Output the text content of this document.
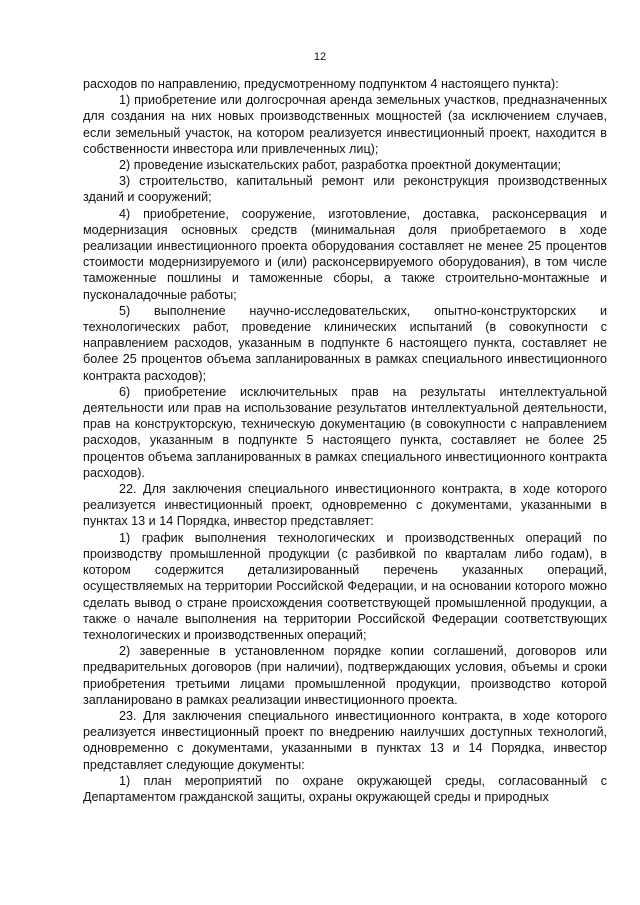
12

расходов по направлению, предусмотренному подпунктом 4 настоящего пункта):

1) приобретение или долгосрочная аренда земельных участков, предназначенных для создания на них новых производственных мощностей (за исключением случаев, если земельный участок, на котором реализуется инвестиционный проект, находится в собственности инвестора или привлеченных лиц);

2) проведение изыскательских работ, разработка проектной документации;

3) строительство, капитальный ремонт или реконструкция производственных зданий и сооружений;

4) приобретение, сооружение, изготовление, доставка, расконсервация и модернизация основных средств (минимальная доля приобретаемого в ходе реализации инвестиционного проекта оборудования составляет не менее 25 процентов стоимости модернизируемого и (или) расконсервируемого оборудования), в том числе таможенные пошлины и таможенные сборы, а также строительно-монтажные и пусконаладочные работы;

5) выполнение научно-исследовательских, опытно-конструкторских и технологических работ, проведение клинических испытаний (в совокупности с направлением расходов, указанным в подпункте 6 настоящего пункта, составляет не более 25 процентов объема запланированных в рамках специального инвестиционного контракта расходов);

6) приобретение исключительных прав на результаты интеллектуальной деятельности или прав на использование результатов интеллектуальной деятельности, прав на конструкторскую, техническую документацию (в совокупности с направлением расходов, указанным в подпункте 5 настоящего пункта, составляет не более 25 процентов объема запланированных в рамках специального инвестиционного контракта расходов).

22. Для заключения специального инвестиционного контракта, в ходе которого реализуется инвестиционный проект, одновременно с документами, указанными в пунктах 13 и 14 Порядка, инвестор представляет:

1) график выполнения технологических и производственных операций по производству промышленной продукции (с разбивкой по кварталам либо годам), в котором содержится детализированный перечень указанных операций, осуществляемых на территории Российской Федерации, и на основании которого можно сделать вывод о стране происхождения соответствующей промышленной продукции, а также о начале выполнения на территории Российской Федерации соответствующих технологических и производственных операций;

2) заверенные в установленном порядке копии соглашений, договоров или предварительных договоров (при наличии), подтверждающих условия, объемы и сроки приобретения третьими лицами промышленной продукции, производство которой запланировано в рамках реализации инвестиционного проекта.

23. Для заключения специального инвестиционного контракта, в ходе которого реализуется инвестиционный проект по внедрению наилучших доступных технологий, одновременно с документами, указанными в пунктах 13 и 14 Порядка, инвестор представляет следующие документы:

1) план мероприятий по охране окружающей среды, согласованный с Департаментом гражданской защиты, охраны окружающей среды и природных
